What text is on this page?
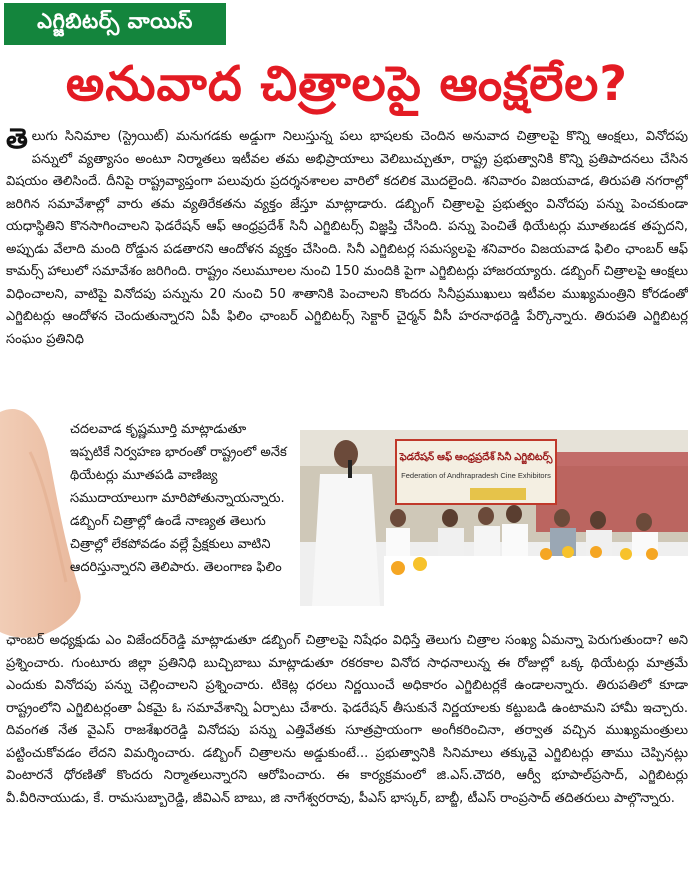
ఎగ్జిబిటర్స్ వాయిస్
అనువాద చిత్రాలపై ఆంక్షలేల?

తెలుగు సినిమాల (స్ట్రెయిట్) మనుగడకు అడ్డుగా నిలుస్తున్న పలు భాషలకు చెందిన అనువాద చిత్రాలపై కొన్ని ఆంక్షలు, వినోదపు పన్నులో వ్యత్యాసం అంటూ నిర్మాతలు ఇటీవల తమ అభిప్రాయాలు వెలిబుచ్చుతూ, రాష్ట్ర ప్రభుత్వానికి కొన్ని ప్రతిపాదనలు చేసిన విషయం తెలిసిందే. దీనిపై రాష్ట్రవ్యాప్తంగా పలువురు ప్రదర్శనశాలల వారిలో కదలిక మొదలైంది. శనివారం విజయవాడ, తిరుపతి నగరాల్లో జరిగిన సమావేశాల్లో వారు తమ వ్యతిరేకతను వ్యక్తం జేస్తూ మాట్లాడారు. డబ్బింగ్ చిత్రాలపై ప్రభుత్వం వినోదపు పన్ను పెంచకుండా యధాస్థితిని కొనసాగించాలని ఫెడరేషన్ ఆఫ్ ఆంధ్రప్రదేశ్ సినీ ఎగ్జిబిటర్స్ విజ్ఞప్తి చేసింది. పన్ను పెంచితే థియేటర్లు మూతబడక తప్పదని, అప్పుడు వేలాది మంది రోడ్డున పడతారని ఆందోళన వ్యక్తం చేసింది. సినీ ఎగ్జిబిటర్ల సమస్యలపై శనివారం విజయవాడ ఫిలిం ఛాంబర్ ఆఫ్ కామర్స్ హాలులో సమావేశం జరిగింది. రాష్ట్రం నలుమూలల నుంచి 150 మందికి పైగా ఎగ్జిబిటర్లు హాజరయ్యారు. డబ్బింగ్ చిత్రాలపై ఆంక్షలు విధించాలని, వాటిపై వినోదపు పన్నును 20 నుంచి 50 శాతానికి పెంచాలని కొందరు సినీప్రముఖులు ఇటీవల ముఖ్యమంత్రిని కోరడంతో ఎగ్జిబిటర్లు ఆందోళన చెందుతున్నారని ఏపీ ఫిలిం ఛాంబర్ ఎగ్జిబిటర్స్ సెక్టార్ చైర్మన్ వీసీ హరనాథరెడ్డి పేర్కొన్నారు. తిరుపతి ఎగ్జిబిటర్ల సంఘం ప్రతినిధి

చదలవాడ కృష్ణమూర్తి మాట్లాడుతూ ఇప్పటికే నిర్వహణ భారంతో రాష్ట్రంలో అనేక థియేటర్లు మూతపడి వాణిజ్య సముదాయాలుగా మారిపోతున్నాయన్నారు. డబ్బింగ్ చిత్రాల్లో ఉండే నాణ్యత తెలుగు చిత్రాల్లో లేకపోవడం వల్లే ప్రేక్షకులు వాటిని ఆదరిస్తున్నారని తెలిపారు. తెలంగాణ ఫిలిం

ఫెడరేషన్ ఆఫ్ ఆంధ్రప్రదేశ్ సినీ ఎగ్జిబిటర్స్
Federation of Andhrapradesh Cine Exhibitors

ఛాంబర్ అధ్యక్షుడు ఎం విజేందర్‌రెడ్డి మాట్లాడుతూ డబ్బింగ్ చిత్రాలపై నిషేధం విధిస్తే తెలుగు చిత్రాల సంఖ్య ఏమన్నా పెరుగుతుందా? అని ప్రశ్నించారు. గుంటూరు జిల్లా ప్రతినిధి బుచ్చిబాబు మాట్లాడుతూ రకరకాల వినోద సాధనాలున్న ఈ రోజుల్లో ఒక్క థియేటర్లు మాత్రమే ఎందుకు వినోదపు పన్ను చెల్లించాలని ప్రశ్నించారు. టికెట్ల ధరలు నిర్ణయించే అధికారం ఎగ్జిబిటర్లకే ఉండాలన్నారు. తిరుపతిలో కూడా రాష్ట్రంలోని ఎగ్జిబిటర్లంతా ఏకమై ఓ సమావేశాన్ని ఏర్పాటు చేశారు. ఫెడరేషన్ తీసుకునే నిర్ణయాలకు కట్టుబడి ఉంటామని హామీ ఇచ్చారు. దివంగత నేత వైఎస్ రాజశేఖరరెడ్డి వినోదపు పన్ను ఎత్తివేతకు సూత్రప్రాయంగా అంగీకరించినా, తర్వాత వచ్చిన ముఖ్యమంత్రులు పట్టించుకోవడం లేదని విమర్శించారు. డబ్బింగ్ చిత్రాలను అడ్డుకుంటే... ప్రభుత్వానికి సినిమాలు తక్కువై ఎగ్జిబిటర్లు తాము చెప్పినట్లు వింటారనే ధోరణితో కొందరు నిర్మాతలున్నారని ఆరోపించారు. ఈ కార్యక్రమంలో జి.ఎస్.చౌదరి, ఆర్వీ భూపాల్‌ప్రసాద్, ఎగ్జిబిటర్లు వీ.వీరినాయుడు, కే. రామసుబ్బారెడ్డి, జీవిఎన్ బాబు, జి నాగేశ్వరరావు, పీఎస్ భాస్కర్, బాబ్జీ, టీఎస్ రాంప్రసాద్ తదితరులు పాల్గొన్నారు.
